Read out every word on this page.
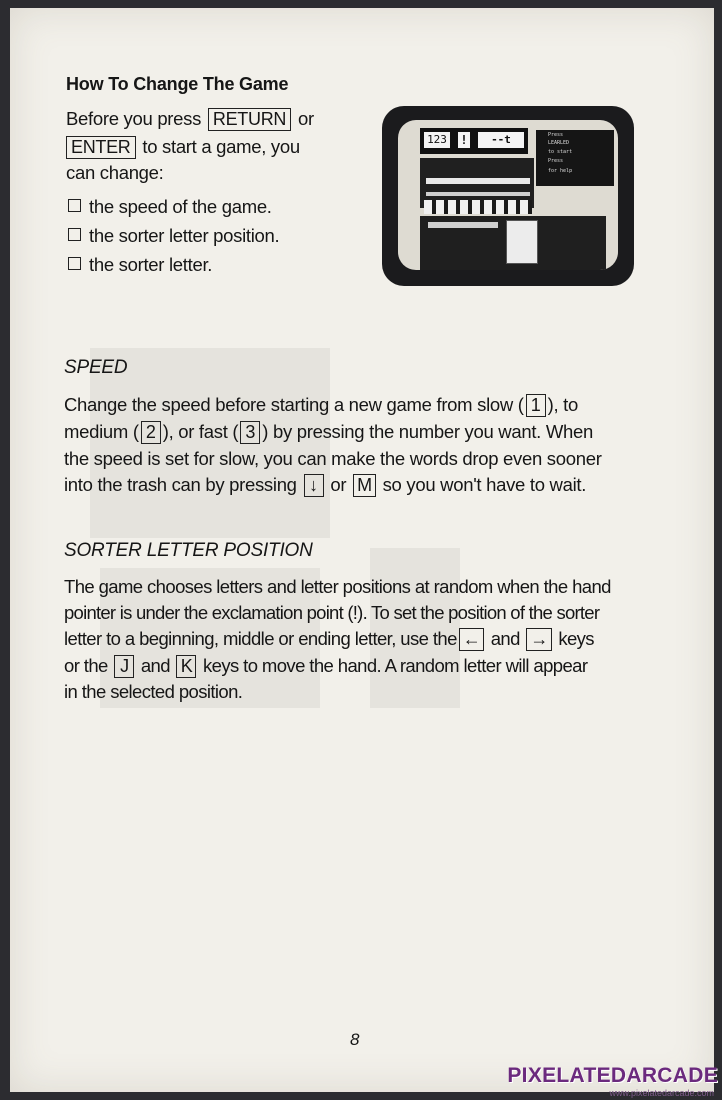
How To Change The Game
Before you press RETURN or
ENTER to start a game, you
can change:
the speed of the game.
the sorter letter position.
the sorter letter.
123 !	--t	Press
LEARLED
to start
Press
for help
SPEED
Change the speed before starting a new game from slow ( 1 ), to
medium ( 2 ), or fast ( 3 ) by pressing the number you want. When
the speed is set for slow, you can make the words drop even sooner
into the trash can by pressing ↓ or M so you won't have to wait.
SORTER LETTER POSITION
The game chooses letters and letter positions at random when the hand
pointer is under the exclamation point (!). To set the position of the sorter
letter to a beginning, middle or ending letter, use the ← and → keys
or the J and K keys to move the hand. A random letter will appear
in the selected position.
8
PIXELATEDARCADE
www.pixelatedarcade.com
